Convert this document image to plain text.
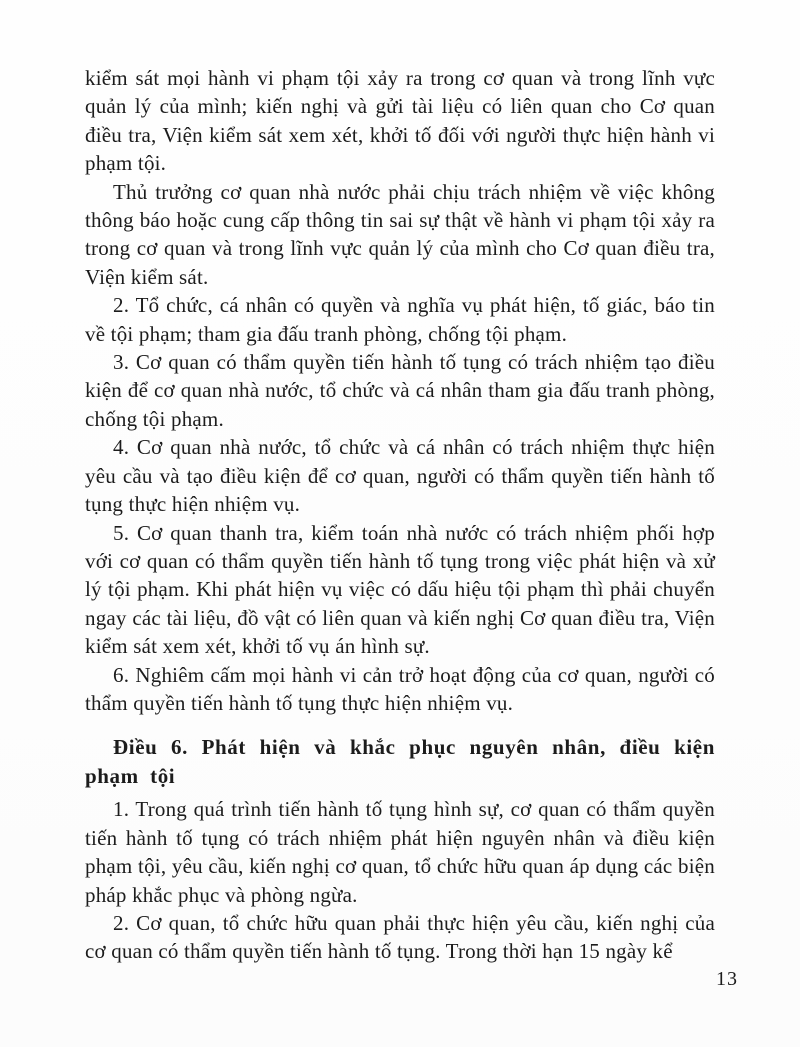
kiểm sát mọi hành vi phạm tội xảy ra trong cơ quan và trong lĩnh vực quản lý của mình; kiến nghị và gửi tài liệu có liên quan cho Cơ quan điều tra, Viện kiểm sát xem xét, khởi tố đối với người thực hiện hành vi phạm tội.

Thủ trưởng cơ quan nhà nước phải chịu trách nhiệm về việc không thông báo hoặc cung cấp thông tin sai sự thật về hành vi phạm tội xảy ra trong cơ quan và trong lĩnh vực quản lý của mình cho Cơ quan điều tra, Viện kiểm sát.

2. Tổ chức, cá nhân có quyền và nghĩa vụ phát hiện, tố giác, báo tin về tội phạm; tham gia đấu tranh phòng, chống tội phạm.

3. Cơ quan có thẩm quyền tiến hành tố tụng có trách nhiệm tạo điều kiện để cơ quan nhà nước, tổ chức và cá nhân tham gia đấu tranh phòng, chống tội phạm.

4. Cơ quan nhà nước, tổ chức và cá nhân có trách nhiệm thực hiện yêu cầu và tạo điều kiện để cơ quan, người có thẩm quyền tiến hành tố tụng thực hiện nhiệm vụ.

5. Cơ quan thanh tra, kiểm toán nhà nước có trách nhiệm phối hợp với cơ quan có thẩm quyền tiến hành tố tụng trong việc phát hiện và xử lý tội phạm. Khi phát hiện vụ việc có dấu hiệu tội phạm thì phải chuyển ngay các tài liệu, đồ vật có liên quan và kiến nghị Cơ quan điều tra, Viện kiểm sát xem xét, khởi tố vụ án hình sự.

6. Nghiêm cấm mọi hành vi cản trở hoạt động của cơ quan, người có thẩm quyền tiến hành tố tụng thực hiện nhiệm vụ.

Điều 6. Phát hiện và khắc phục nguyên nhân, điều kiện phạm tội

1. Trong quá trình tiến hành tố tụng hình sự, cơ quan có thẩm quyền tiến hành tố tụng có trách nhiệm phát hiện nguyên nhân và điều kiện phạm tội, yêu cầu, kiến nghị cơ quan, tổ chức hữu quan áp dụng các biện pháp khắc phục và phòng ngừa.

2. Cơ quan, tổ chức hữu quan phải thực hiện yêu cầu, kiến nghị của cơ quan có thẩm quyền tiến hành tố tụng. Trong thời hạn 15 ngày kể

13
